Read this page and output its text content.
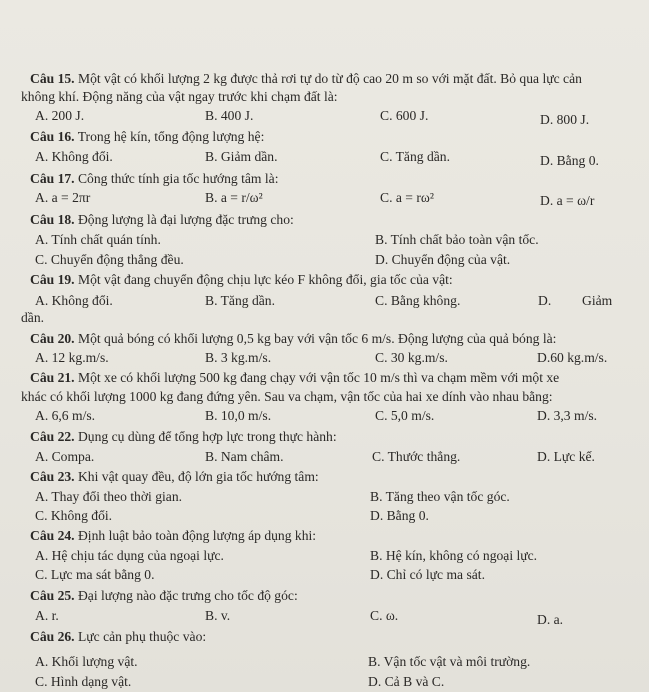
Câu 15. Một vật có khối lượng 2 kg được thả rơi tự do từ độ cao 20 m so với mặt đất. Bỏ qua lực cản
không khí. Động năng của vật ngay trước khi chạm đất là:
A. 200 J.	B. 400 J.	C. 600 J.	D. 800 J.
Câu 16. Trong hệ kín, tổng động lượng hệ:
A. Không đổi.	B. Giảm dần.	C. Tăng dần.	D. Bằng 0.
Câu 17. Công thức tính gia tốc hướng tâm là:
A. a = 2πr	B. a = r/ω²	C. a = rω²	D. a = ω/r
Câu 18. Động lượng là đại lượng đặc trưng cho:
A. Tính chất quán tính.	B. Tính chất bảo toàn vận tốc.
C. Chuyển động thẳng đều.	D. Chuyển động của vật.
Câu 19. Một vật đang chuyển động chịu lực kéo F không đổi, gia tốc của vật:
A. Không đổi.	B. Tăng dần.	C. Bằng không.	D. Giảm
dần.
Câu 20. Một quả bóng có khối lượng 0,5 kg bay với vận tốc 6 m/s. Động lượng của quả bóng là:
A. 12 kg.m/s.	B. 3 kg.m/s.	C. 30 kg.m/s.	D.60 kg.m/s.
Câu 21. Một xe có khối lượng 500 kg đang chạy với vận tốc 10 m/s thì va chạm mềm với một xe
khác có khối lượng 1000 kg đang đứng yên. Sau va chạm, vận tốc của hai xe dính vào nhau bằng:
A. 6,6 m/s.	B. 10,0 m/s.	C. 5,0 m/s.	D. 3,3 m/s.
Câu 22. Dụng cụ dùng để tổng hợp lực trong thực hành:
A. Compa.	B. Nam châm.	C. Thước thẳng.	D. Lực kế.
Câu 23. Khi vật quay đều, độ lớn gia tốc hướng tâm:
A. Thay đổi theo thời gian.	B. Tăng theo vận tốc góc.
C. Không đổi.	D. Bằng 0.
Câu 24. Định luật bảo toàn động lượng áp dụng khi:
A. Hệ chịu tác dụng của ngoại lực.	B. Hệ kín, không có ngoại lực.
C. Lực ma sát bằng 0.	D. Chỉ có lực ma sát.
Câu 25. Đại lượng nào đặc trưng cho tốc độ góc:
A. r.	B. v.	C. ω.	D. a.
Câu 26. Lực cản phụ thuộc vào:
A. Khối lượng vật.	B. Vận tốc vật và môi trường.
C. Hình dạng vật.	D. Cả B và C.
